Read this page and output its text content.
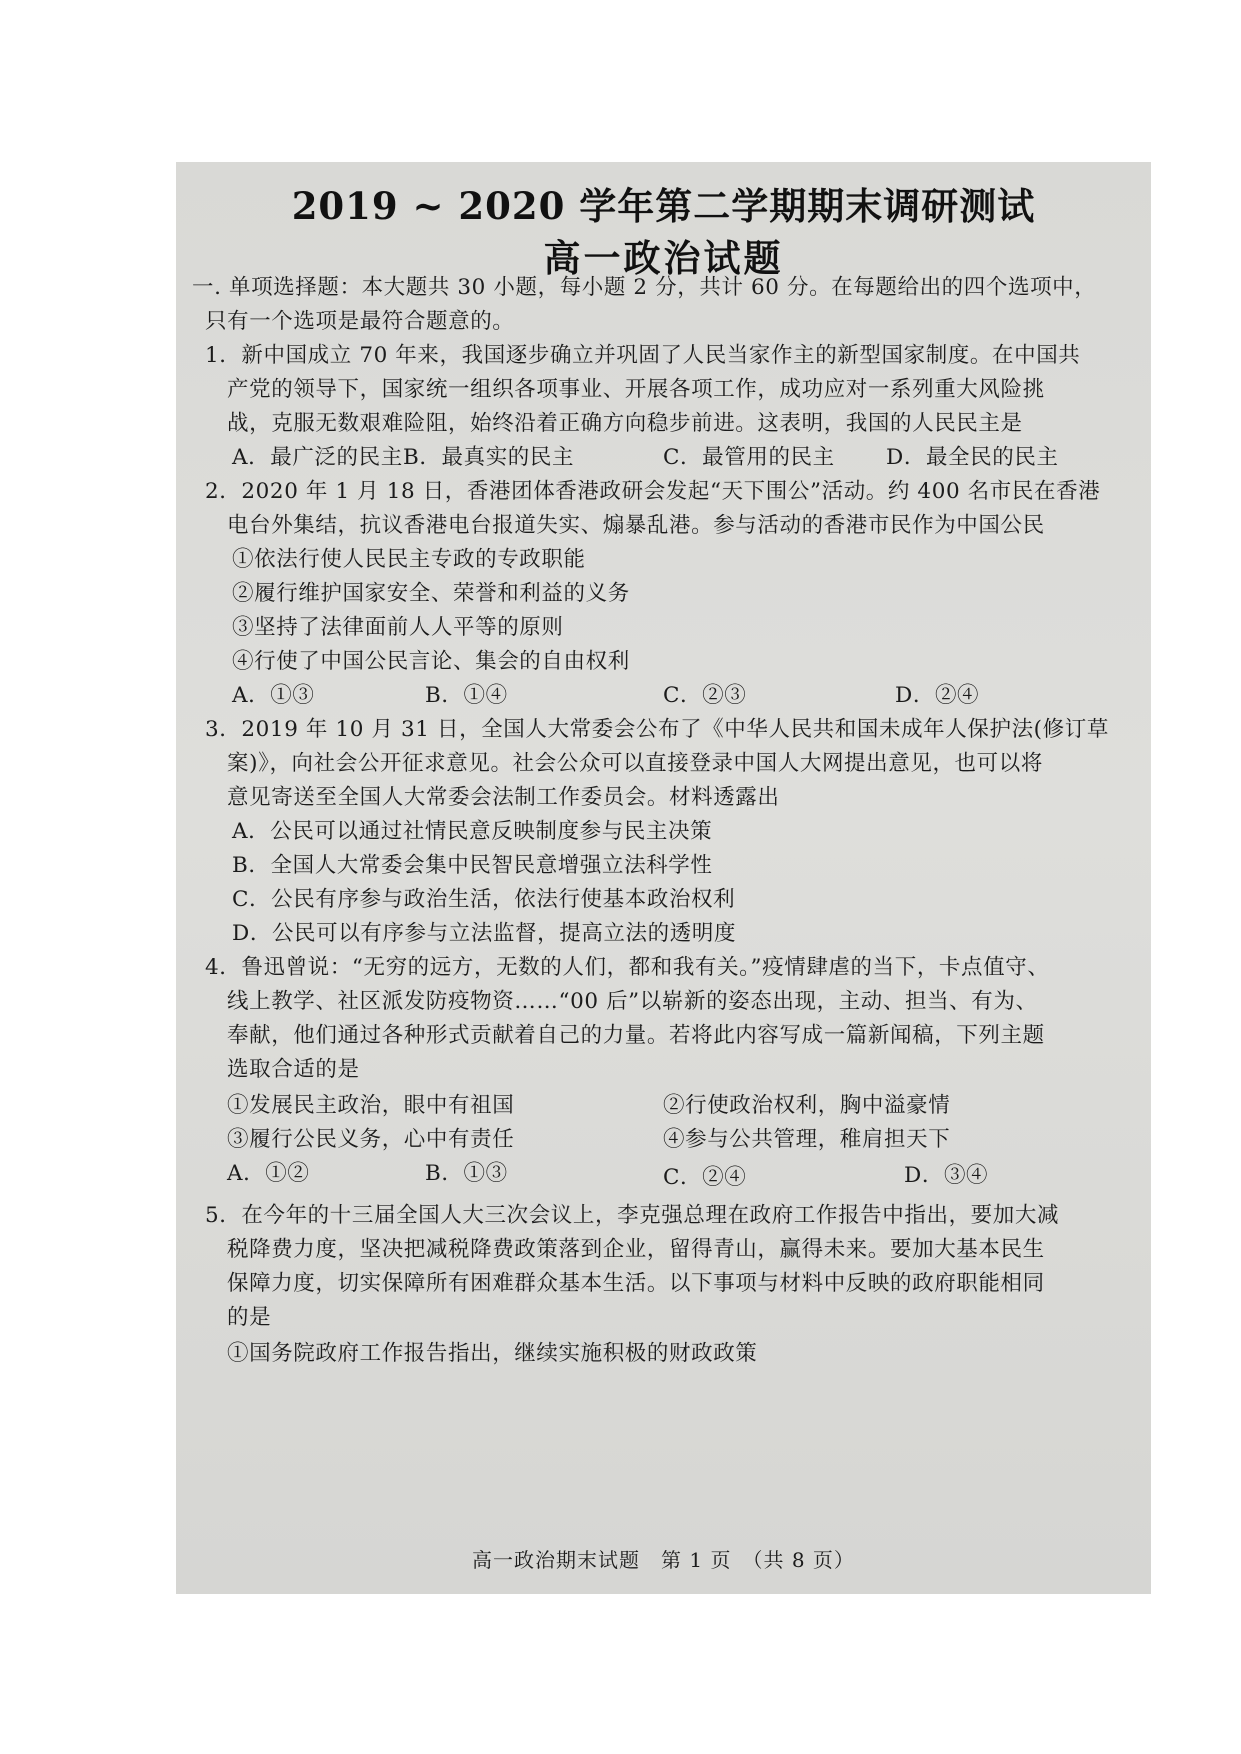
2019 ~ 2020 学年第二学期期末调研测试
高一政治试题
一. 单项选择题：本大题共 30 小题，每小题 2 分，共计 60 分。在每题给出的四个选项中，
只有一个选项是最符合题意的。
1．新中国成立 70 年来，我国逐步确立并巩固了人民当家作主的新型国家制度。在中国共
产党的领导下，国家统一组织各项事业、开展各项工作，成功应对一系列重大风险挑
战，克服无数艰难险阻，始终沿着正确方向稳步前进。这表明，我国的人民民主是
A．最广泛的民主 B．最真实的民主	C．最管用的民主 D．最全民的民主
2．2020 年 1 月 18 日，香港团体香港政研会发起“天下围公”活动。约 400 名市民在香港
电台外集结，抗议香港电台报道失实、煽暴乱港。参与活动的香港市民作为中国公民
①依法行使人民民主专政的专政职能
②履行维护国家安全、荣誉和利益的义务
③坚持了法律面前人人平等的原则
④行使了中国公民言论、集会的自由权利
A．①③	B．①④	C．②③	D．②④
3．2019 年 10 月 31 日，全国人大常委会公布了《中华人民共和国未成年人保护法(修订草
案)》，向社会公开征求意见。社会公众可以直接登录中国人大网提出意见，也可以将
意见寄送至全国人大常委会法制工作委员会。材料透露出
A．公民可以通过社情民意反映制度参与民主决策
B．全国人大常委会集中民智民意增强立法科学性
C．公民有序参与政治生活，依法行使基本政治权利
D．公民可以有序参与立法监督，提高立法的透明度
4．鲁迅曾说：“无穷的远方，无数的人们，都和我有关。”疫情肆虐的当下，卡点值守、
线上教学、社区派发防疫物资……“00 后”以崭新的姿态出现，主动、担当、有为、
奉献，他们通过各种形式贡献着自己的力量。若将此内容写成一篇新闻稿，下列主题
选取合适的是
①发展民主政治，眼中有祖国	②行使政治权利，胸中溢豪情
③履行公民义务，心中有责任	④参与公共管理，稚肩担天下
A．①②	B．①③	C．②④	D．③④
5．在今年的十三届全国人大三次会议上，李克强总理在政府工作报告中指出，要加大减
税降费力度，坚决把减税降费政策落到企业，留得青山，赢得未来。要加大基本民生
保障力度，切实保障所有困难群众基本生活。以下事项与材料中反映的政府职能相同
的是
①国务院政府工作报告指出，继续实施积极的财政政策
高一政治期末试题　第 1 页　（共 8 页）
